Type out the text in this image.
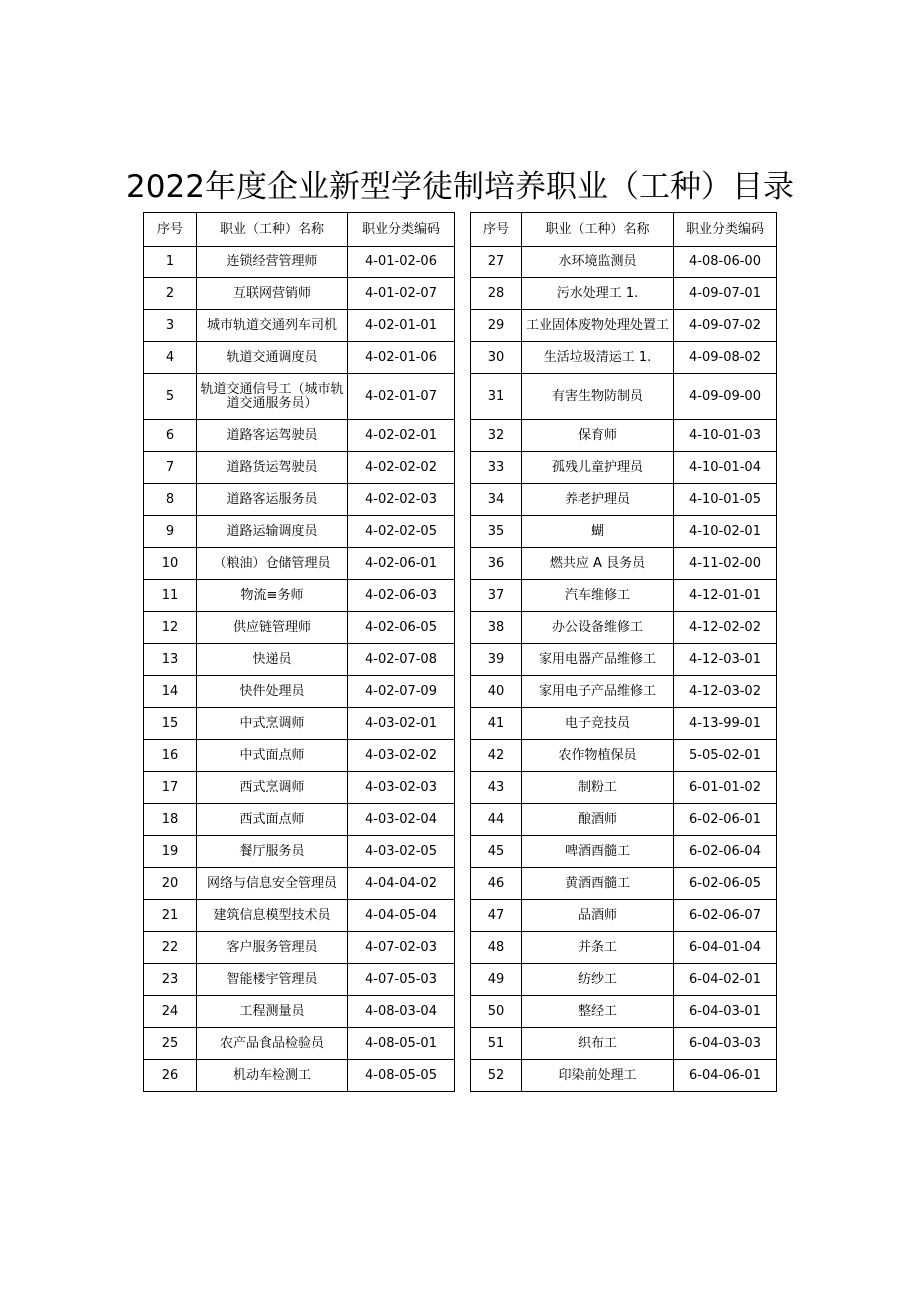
2022年度企业新型学徒制培养职业（工种）目录
序号	职业（工种）名称	职业分类编码
1	连锁经营管理师	4-01-02-06
2	互联网营销师	4-01-02-07
3	城市轨道交通列车司机	4-02-01-01
4	轨道交通调度员	4-02-01-06
5	轨道交通信号工（城市轨道交通服务员）	4-02-01-07
6	道路客运驾驶员	4-02-02-01
7	道路货运驾驶员	4-02-02-02
8	道路客运服务员	4-02-02-03
9	道路运输调度员	4-02-02-05
10	（粮油）仓储管理员	4-02-06-01
11	物流≡务师	4-02-06-03
12	供应链管理师	4-02-06-05
13	快递员	4-02-07-08
14	快件处理员	4-02-07-09
15	中式烹调师	4-03-02-01
16	中式面点师	4-03-02-02
17	西式烹调师	4-03-02-03
18	西式面点师	4-03-02-04
19	餐厅服务员	4-03-02-05
20	网络与信息安全管理员	4-04-04-02
21	建筑信息模型技术员	4-04-05-04
22	客户服务管理员	4-07-02-03
23	智能楼宇管理员	4-07-05-03
24	工程测量员	4-08-03-04
25	农产品食品检验员	4-08-05-01
26	机动车检测工	4-08-05-05
序号	职业（工种）名称	职业分类编码
27	水环境监测员	4-08-06-00
28	污水处理工 1.	4-09-07-01
29	工业固体废物处理处置工	4-09-07-02
30	生活垃圾清运工 1.	4-09-08-02
31	有害生物防制员	4-09-09-00
32	保育师	4-10-01-03
33	孤残儿童护理员	4-10-01-04
34	养老护理员	4-10-01-05
35	蝴	4-10-02-01
36	燃共应 A 艮务员	4-11-02-00
37	汽车维修工	4-12-01-01
38	办公设备维修工	4-12-02-02
39	家用电器产品维修工	4-12-03-01
40	家用电子产品维修工	4-12-03-02
41	电子竞技员	4-13-99-01
42	农作物植保员	5-05-02-01
43	制粉工	6-01-01-02
44	酿酒师	6-02-06-01
45	啤酒酉髓工	6-02-06-04
46	黄酒酉髓工	6-02-06-05
47	品酒师	6-02-06-07
48	并条工	6-04-01-04
49	纺纱工	6-04-02-01
50	整经工	6-04-03-01
51	织布工	6-04-03-03
52	印染前处理工	6-04-06-01
